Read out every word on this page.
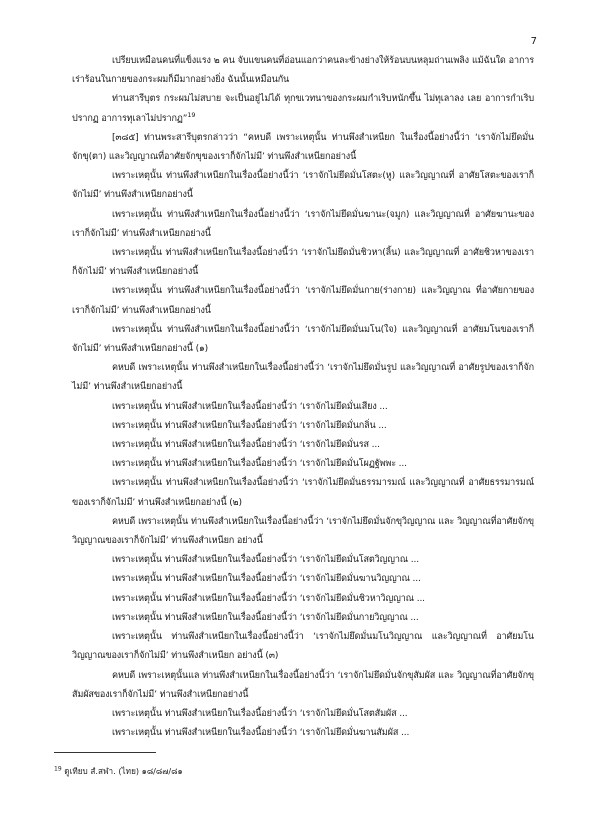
7

เปรียบเหมือนคนที่แข็งแรง ๒ คน จับแขนคนที่อ่อนแอกว่าคนละข้างย่างให้ร้อนบนหลุมถ่านเพลิง แม้ฉันใด อาการเร่าร้อนในกายของกระผมก็มีมากอย่างยิ่ง ฉันนั้นเหมือนกัน

ท่านสารีบุตร กระผมไม่สบาย จะเป็นอยู่ไม่ได้ ทุกขเวทนาของกระผมกำเริบหนักขึ้น ไม่ทุเลาลง เลย อาการกำเริบปรากฏ อาการทุเลาไม่ปรากฏ”$^{19}$

[๓๘๕] ท่านพระสารีบุตรกล่าวว่า “คหบดี เพราะเหตุนั้น ท่านพึงสำเหนียก ในเรื่องนี้อย่างนี้ว่า ‘เราจักไม่ยึดมั่นจักขุ(ตา) และวิญญาณที่อาศัยจักขุของเราก็จักไม่มี’ ท่านพึงสำเหนียกอย่างนี้

เพราะเหตุนั้น ท่านพึงสำเหนียกในเรื่องนี้อย่างนี้ว่า ‘เราจักไม่ยึดมั่นโสตะ(หู) และวิญญาณที่ อาศัยโสตะของเราก็จักไม่มี’ ท่านพึงสำเหนียกอย่างนี้

เพราะเหตุนั้น ท่านพึงสำเหนียกในเรื่องนี้อย่างนี้ว่า ‘เราจักไม่ยึดมั่นฆานะ(จมูก) และวิญญาณที่ อาศัยฆานะของเราก็จักไม่มี’ ท่านพึงสำเหนียกอย่างนี้

เพราะเหตุนั้น ท่านพึงสำเหนียกในเรื่องนี้อย่างนี้ว่า ‘เราจักไม่ยึดมั่นชิวหา(ลิ้น) และวิญญาณที่ อาศัยชิวหาของเราก็จักไม่มี’ ท่านพึงสำเหนียกอย่างนี้

เพราะเหตุนั้น ท่านพึงสำเหนียกในเรื่องนี้อย่างนี้ว่า ‘เราจักไม่ยึดมั่นกาย(ร่างกาย) และวิญญาณ ที่อาศัยกายของเราก็จักไม่มี’ ท่านพึงสำเหนียกอย่างนี้

เพราะเหตุนั้น ท่านพึงสำเหนียกในเรื่องนี้อย่างนี้ว่า ‘เราจักไม่ยึดมั่นมโน(ใจ) และวิญญาณที่ อาศัยมโนของเราก็จักไม่มี’ ท่านพึงสำเหนียกอย่างนี้ (๑)

คหบดี เพราะเหตุนั้น ท่านพึงสำเหนียกในเรื่องนี้อย่างนี้ว่า ‘เราจักไม่ยึดมั่นรูป และวิญญาณที่ อาศัยรูปของเราก็จักไม่มี’ ท่านพึงสำเหนียกอย่างนี้

เพราะเหตุนั้น ท่านพึงสำเหนียกในเรื่องนี้อย่างนี้ว่า ‘เราจักไม่ยึดมั่นเสียง ...

เพราะเหตุนั้น ท่านพึงสำเหนียกในเรื่องนี้อย่างนี้ว่า ‘เราจักไม่ยึดมั่นกลิ่น ...

เพราะเหตุนั้น ท่านพึงสำเหนียกในเรื่องนี้อย่างนี้ว่า ‘เราจักไม่ยึดมั่นรส ...

เพราะเหตุนั้น ท่านพึงสำเหนียกในเรื่องนี้อย่างนี้ว่า ‘เราจักไม่ยึดมั่นโผฏฐัพพะ ...

เพราะเหตุนั้น ท่านพึงสำเหนียกในเรื่องนี้อย่างนี้ว่า ‘เราจักไม่ยึดมั่นธรรมารมณ์ และวิญญาณที่ อาศัยธรรมารมณ์ของเราก็จักไม่มี’ ท่านพึงสำเหนียกอย่างนี้ (๒)

คหบดี เพราะเหตุนั้น ท่านพึงสำเหนียกในเรื่องนี้อย่างนี้ว่า ‘เราจักไม่ยึดมั่นจักขุวิญญาณ และ วิญญาณที่อาศัยจักขุวิญญาณของเราก็จักไม่มี’ ท่านพึงสำเหนียก อย่างนี้

เพราะเหตุนั้น ท่านพึงสำเหนียกในเรื่องนี้อย่างนี้ว่า ‘เราจักไม่ยึดมั่นโสตวิญญาณ ...

เพราะเหตุนั้น ท่านพึงสำเหนียกในเรื่องนี้อย่างนี้ว่า ‘เราจักไม่ยึดมั่นฆานวิญญาณ ...

เพราะเหตุนั้น ท่านพึงสำเหนียกในเรื่องนี้อย่างนี้ว่า ‘เราจักไม่ยึดมั่นชิวหาวิญญาณ ...

เพราะเหตุนั้น ท่านพึงสำเหนียกในเรื่องนี้อย่างนี้ว่า ‘เราจักไม่ยึดมั่นกายวิญญาณ ...

เพราะเหตุนั้น ท่านพึงสำเหนียกในเรื่องนี้อย่างนี้ว่า ‘เราจักไม่ยึดมั่นมโนวิญญาณ และวิญญาณที่ อาศัยมโนวิญญาณของเราก็จักไม่มี’ ท่านพึงสำเหนียก อย่างนี้ (๓)

คหบดี เพราะเหตุนั้นแล ท่านพึงสำเหนียกในเรื่องนี้อย่างนี้ว่า ‘เราจักไม่ยึดมั่นจักขุสัมผัส และ วิญญาณที่อาศัยจักขุสัมผัสของเราก็จักไม่มี’ ท่านพึงสำเหนียกอย่างนี้

เพราะเหตุนั้น ท่านพึงสำเหนียกในเรื่องนี้อย่างนี้ว่า ‘เราจักไม่ยึดมั่นโสตสัมผัส ...

เพราะเหตุนั้น ท่านพึงสำเหนียกในเรื่องนี้อย่างนี้ว่า ‘เราจักไม่ยึดมั่นฆานสัมผัส ...

$^{19}$ ดูเทียบ สํ.สฬา. (ไทย) ๑๘/๘๗/๘๑
